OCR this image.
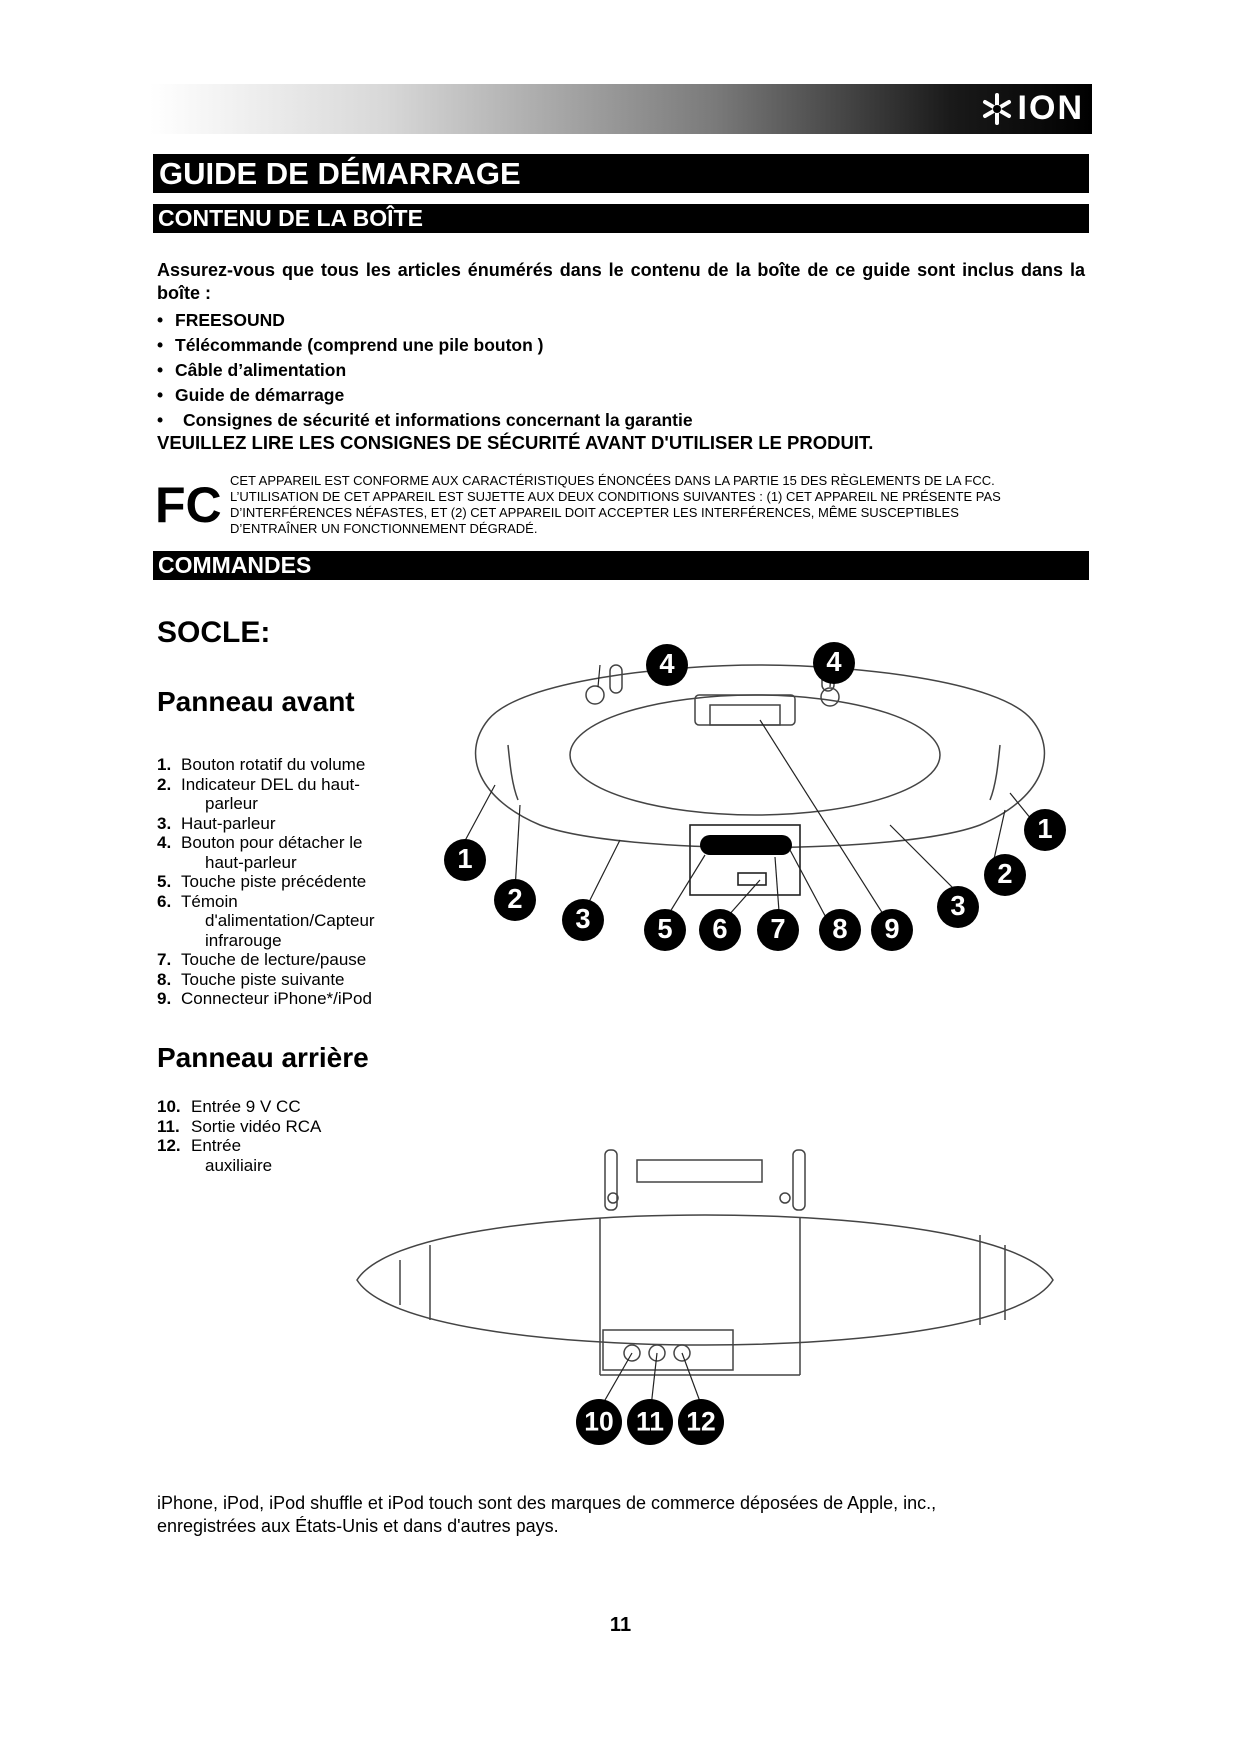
ION
GUIDE DE DÉMARRAGE
CONTENU DE LA BOÎTE
Assurez-vous que tous les articles énumérés dans le contenu de la boîte de ce guide sont inclus dans la boîte :
• FREESOUND
• Télécommande (comprend une pile bouton )
• Câble d’alimentation
• Guide de démarrage
• Consignes de sécurité et informations concernant la garantie
VEUILLEZ LIRE LES CONSIGNES DE SÉCURITÉ AVANT D'UTILISER LE PRODUIT.
FC CET APPAREIL EST CONFORME AUX CARACTÉRISTIQUES ÉNONCÉES DANS LA PARTIE 15 DES RÈGLEMENTS DE LA FCC.
L’UTILISATION DE CET APPAREIL EST SUJETTE AUX DEUX CONDITIONS SUIVANTES : (1) CET APPAREIL NE PRÉSENTE PAS
D’INTERFÉRENCES NÉFASTES, ET (2) CET APPAREIL DOIT ACCEPTER LES INTERFÉRENCES, MÊME SUSCEPTIBLES
D’ENTRAÎNER UN FONCTIONNEMENT DÉGRADÉ.
COMMANDES
SOCLE:
Panneau avant
1. Bouton rotatif du volume
2. Indicateur DEL du haut-
parleur
3. Haut-parleur
4. Bouton pour détacher le
haut-parleur
5. Touche piste précédente
6. Témoin
d'alimentation/Capteur infrarouge
7. Touche de lecture/pause
8. Touche piste suivante
9. Connecteur iPhone*/iPod
Panneau arrière
10. Entrée 9 V CC
11. Sortie vidéo RCA
12. Entrée
auxiliaire
1
2
3
4	4
5 6 7 8 9
1
2
3
10 11 12
iPhone, iPod, iPod shuffle et iPod touch sont des marques de commerce déposées de Apple, inc., enregistrées aux États-Unis et dans d'autres pays.
11
